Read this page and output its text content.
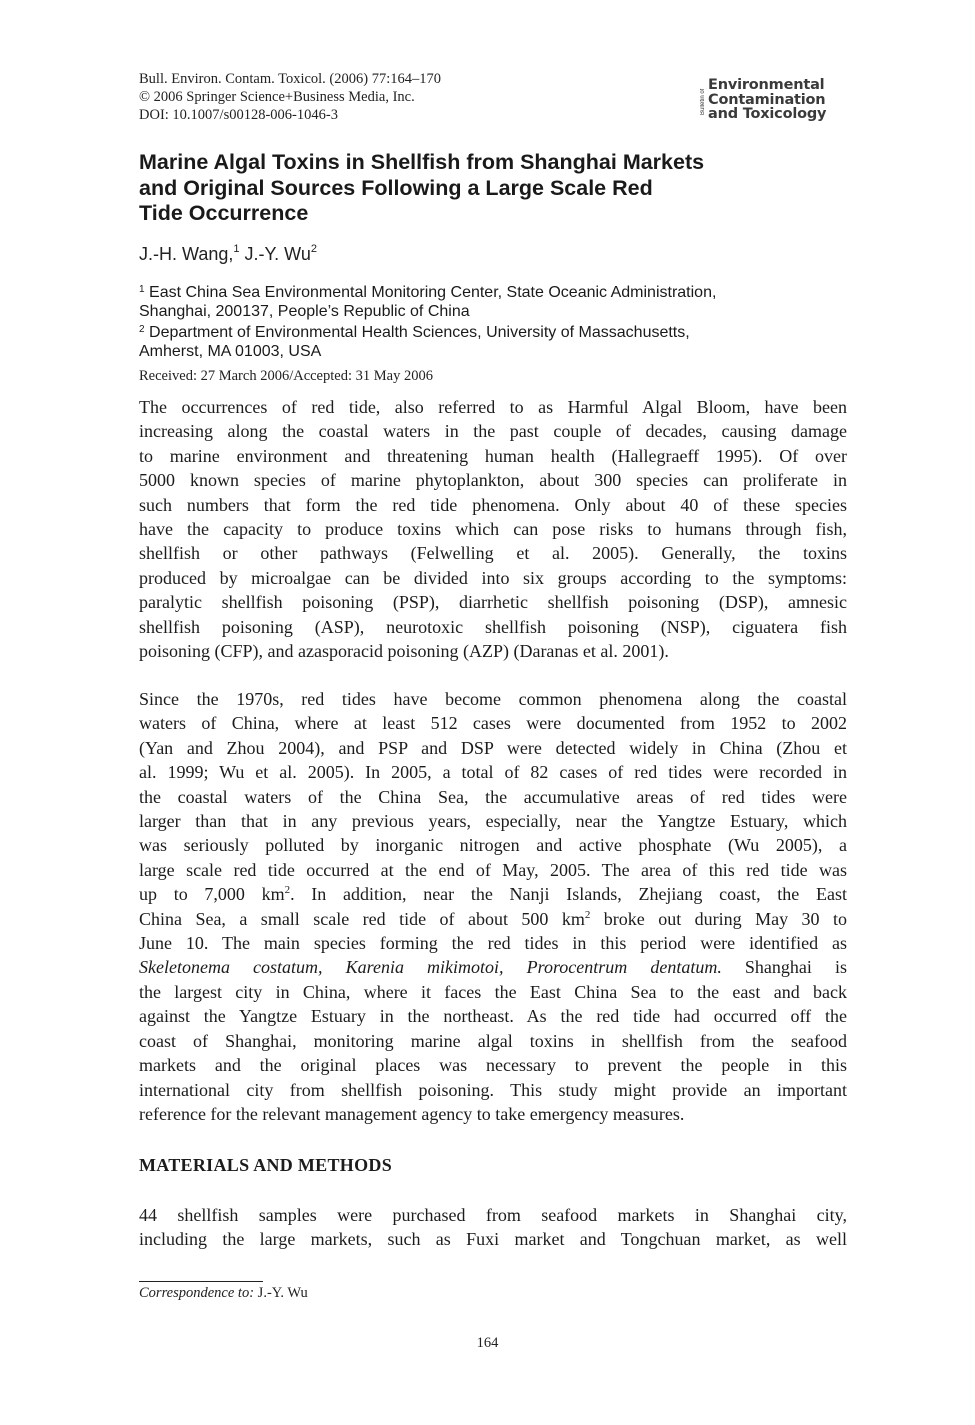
Bull. Environ. Contam. Toxicol. (2006) 77:164–170
© 2006 Springer Science+Business Media, Inc.
DOI: 10.1007/s00128-006-1046-3	Bulletin of
Environmental
Contamination
and Toxicology
Marine Algal Toxins in Shellfish from Shanghai Markets
and Original Sources Following a Large Scale Red
Tide Occurrence
J.-H. Wang,$^1$ J.-Y. Wu$^2$
$^1$ East China Sea Environmental Monitoring Center, State Oceanic Administration,
Shanghai, 200137, People’s Republic of China
$^2$ Department of Environmental Health Sciences, University of Massachusetts,
Amherst, MA 01003, USA
Received: 27 March 2006/Accepted: 31 May 2006
The occurrences of red tide, also referred to as Harmful Algal Bloom, have been
increasing along the coastal waters in the past couple of decades, causing damage
to marine environment and threatening human health (Hallegraeff 1995). Of over
5000 known species of marine phytoplankton, about 300 species can proliferate in
such numbers that form the red tide phenomena. Only about 40 of these species
have the capacity to produce toxins which can pose risks to humans through fish,
shellfish or other pathways (Felwelling et al. 2005). Generally, the toxins
produced by microalgae can be divided into six groups according to the symptoms:
paralytic shellfish poisoning (PSP), diarrhetic shellfish poisoning (DSP), amnesic
shellfish poisoning (ASP), neurotoxic shellfish poisoning (NSP), ciguatera fish
poisoning (CFP), and azasporacid poisoning (AZP) (Daranas et al. 2001).
Since the 1970s, red tides have become common phenomena along the coastal
waters of China, where at least 512 cases were documented from 1952 to 2002
(Yan and Zhou 2004), and PSP and DSP were detected widely in China (Zhou et
al. 1999; Wu et al. 2005). In 2005, a total of 82 cases of red tides were recorded in
the coastal waters of the China Sea, the accumulative areas of red tides were
larger than that in any previous years, especially, near the Yangtze Estuary, which
was seriously polluted by inorganic nitrogen and active phosphate (Wu 2005), a
large scale red tide occurred at the end of May, 2005. The area of this red tide was
up to 7,000 $km^2$. In addition, near the Nanji Islands, Zhejiang coast, the East
China Sea, a small scale red tide of about 500 $km^2$ broke out during May 30 to
June 10. The main species forming the red tides in this period were identified as
Skeletonema costatum, Karenia mikimotoi, Prorocentrum dentatum. Shanghai is
the largest city in China, where it faces the East China Sea to the east and back
against the Yangtze Estuary in the northeast. As the red tide had occurred off the
coast of Shanghai, monitoring marine algal toxins in shellfish from the seafood
markets and the original places was necessary to prevent the people in this
international city from shellfish poisoning. This study might provide an important
reference for the relevant management agency to take emergency measures.
MATERIALS AND METHODS
44 shellfish samples were purchased from seafood markets in Shanghai city,
including the large markets, such as Fuxi market and Tongchuan market, as well
Correspondence to: J.-Y. Wu
164
